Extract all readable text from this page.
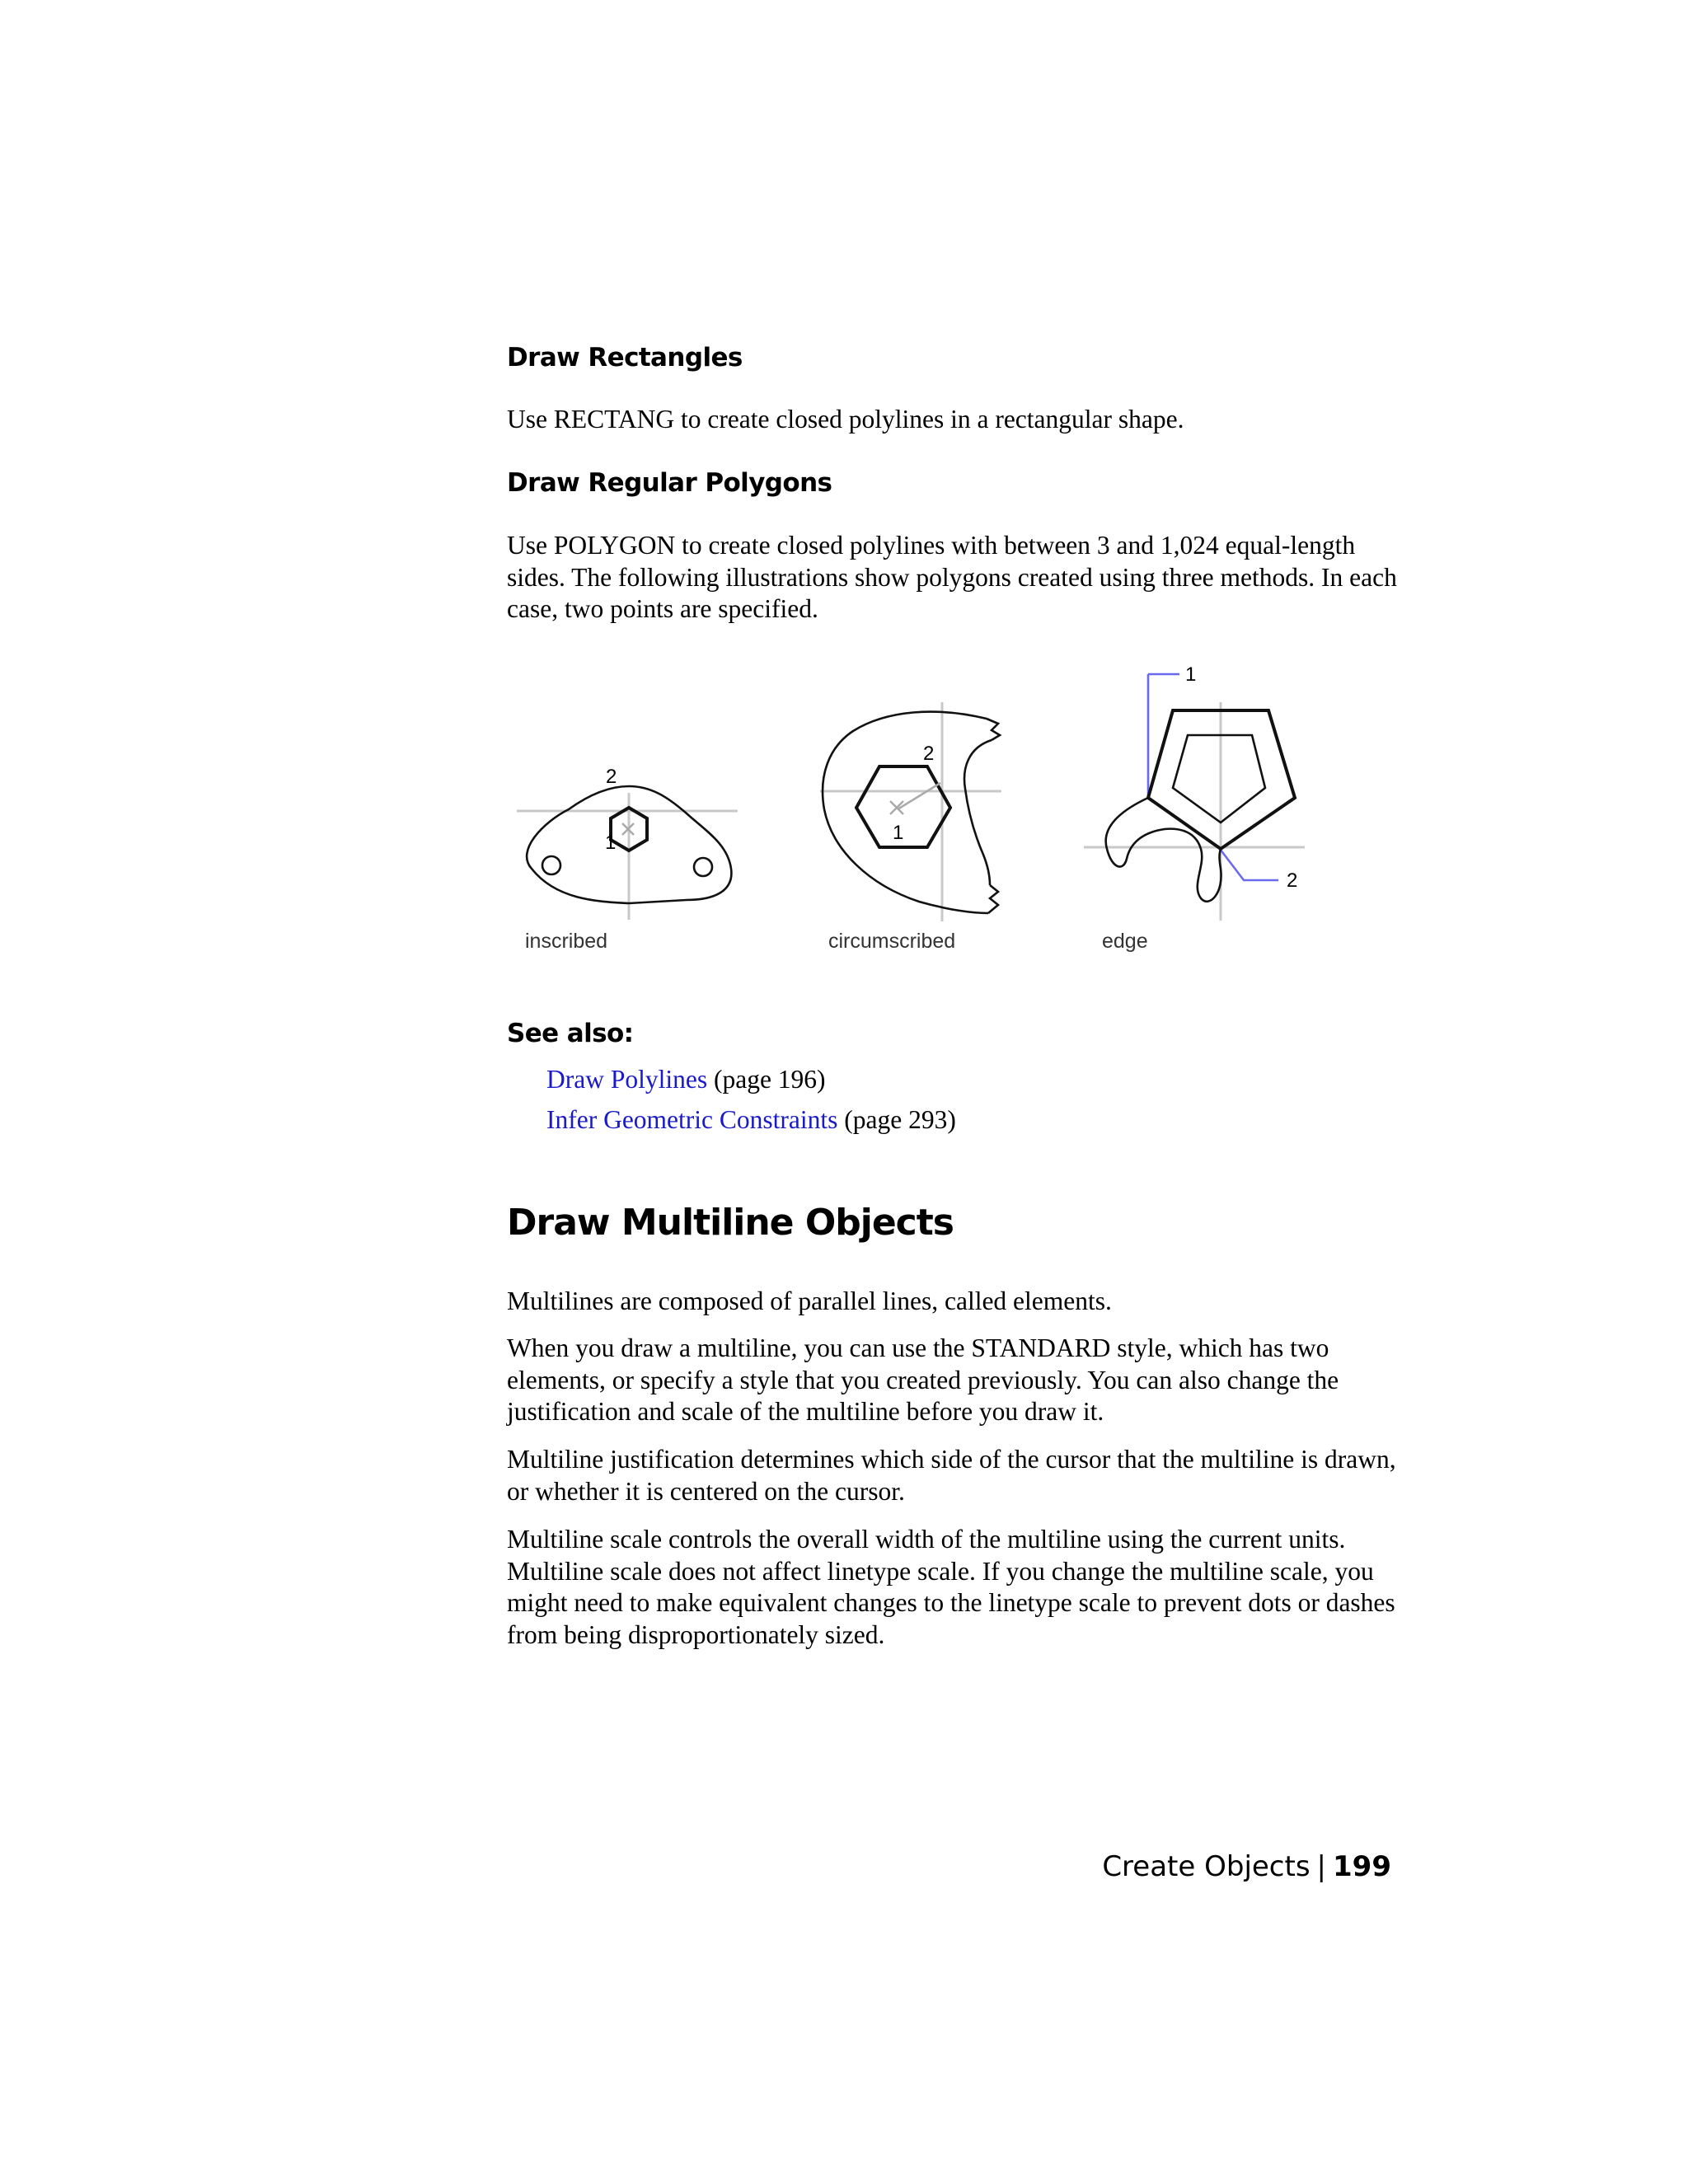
Draw Rectangles

Use RECTANG to create closed polylines in a rectangular shape.

Draw Regular Polygons

Use POLYGON to create closed polylines with between 3 and 1,024 equal-length sides. The following illustrations show polygons created using three methods. In each case, two points are specified.

2
1
inscribed
2
1
circumscribed
1
2
edge
See also:

Draw Polylines (page 196)

Infer Geometric Constraints (page 293)

Draw Multiline Objects

Multilines are composed of parallel lines, called elements.

When you draw a multiline, you can use the STANDARD style, which has two elements, or specify a style that you created previously. You can also change the justification and scale of the multiline before you draw it.

Multiline justification determines which side of the cursor that the multiline is drawn, or whether it is centered on the cursor.

Multiline scale controls the overall width of the multiline using the current units. Multiline scale does not affect linetype scale. If you change the multiline scale, you might need to make equivalent changes to the linetype scale to prevent dots or dashes from being disproportionately sized.

Create Objects | 199
